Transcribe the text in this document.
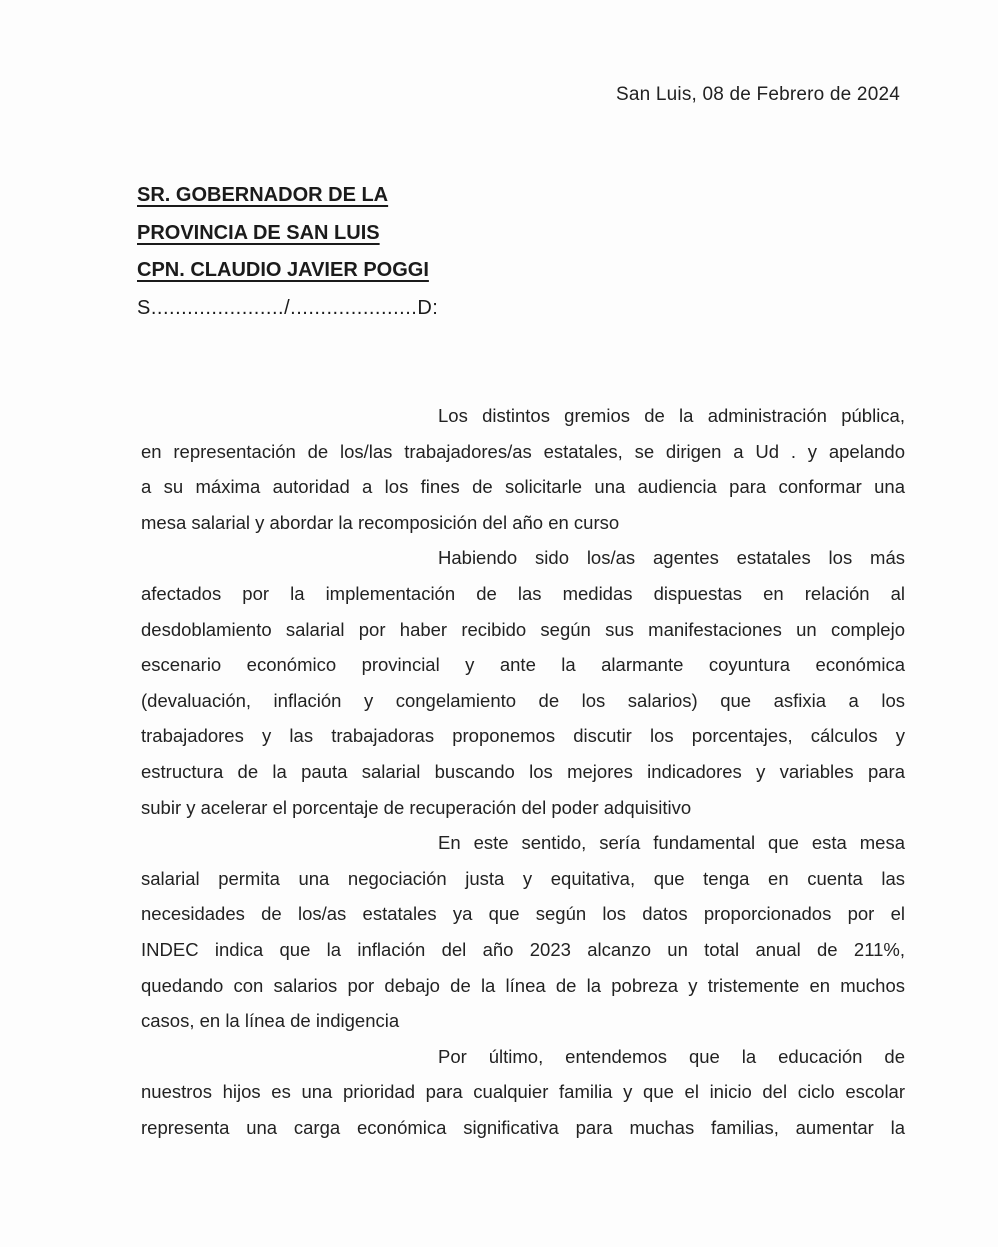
San Luis, 08 de Febrero de 2024
SR. GOBERNADOR DE LA
PROVINCIA DE SAN LUIS
CPN. CLAUDIO JAVIER POGGI
S....................../.....................D:
Los distintos gremios de la administración pública,
en representación de los/las trabajadores/as estatales, se dirigen a Ud . y apelando
a su máxima autoridad a los fines de solicitarle una audiencia para conformar una
mesa salarial y abordar la recomposición del año en curso
Habiendo sido los/as agentes estatales los más
afectados por la implementación de las medidas dispuestas en relación al
desdoblamiento salarial por haber recibido según sus manifestaciones un complejo
escenario económico provincial y ante la alarmante coyuntura económica
(devaluación, inflación y congelamiento de los salarios) que asfixia a los
trabajadores y las trabajadoras proponemos discutir los porcentajes, cálculos y
estructura de la pauta salarial buscando los mejores indicadores y variables para
subir y acelerar el porcentaje de recuperación del poder adquisitivo
En este sentido, sería fundamental que esta mesa
salarial permita una negociación justa y equitativa, que tenga en cuenta las
necesidades de los/as estatales ya que según los datos proporcionados por el
INDEC indica que la inflación del año 2023 alcanzo un total anual de 211%,
quedando con salarios por debajo de la línea de la pobreza y tristemente en muchos
casos, en la línea de indigencia
Por último, entendemos que la educación de
nuestros hijos es una prioridad para cualquier familia y que el inicio del ciclo escolar
representa una carga económica significativa para muchas familias, aumentar la
